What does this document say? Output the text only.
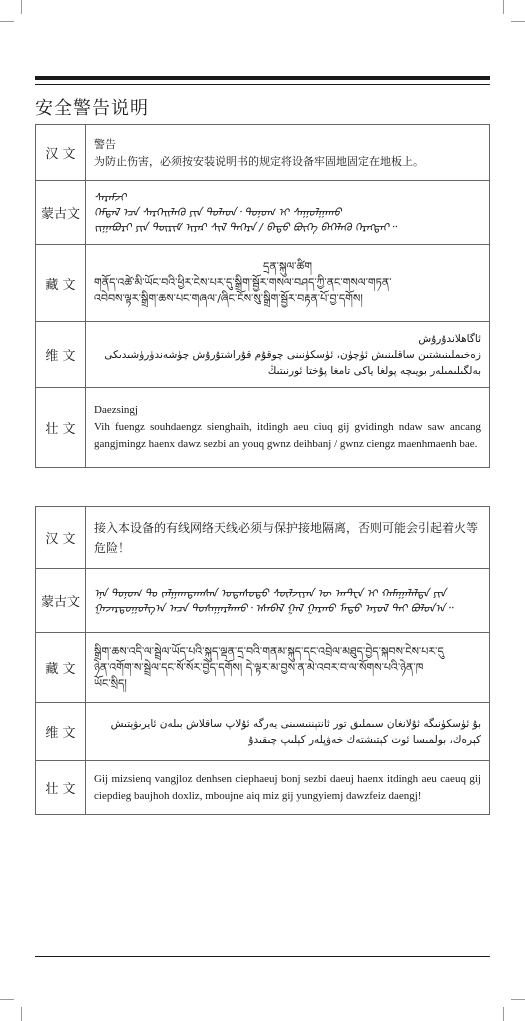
安全警告说明
汉 文	警告
为防止伤害，必须按安装说明书的规定将设备牢固地固定在地板上。

蒙古文	ᠰᠡᠷᠡᠮᠵᠢ
ᠭᠡᠮᠲᠡᠯ ᠡᠴᠡ ᠰᠡᠷᠭᠡᠢᠯᠡᠬᠦ ᠶᠢᠨ ᠲᠤᠯᠠᠳ᠂ ᠲᠣᠨᠤᠭ ᠢ ᠰᠠᠭᠤᠯᠭᠠᠬᠤ
ᠵᠢᠭᠠᠪᠤᠷᠢ ᠶᠢᠨ ᠳᠦᠷᠢᠮ ᠢᠶᠡᠷ ᠰᠢᠯ ᠲᠡᠭᠡᠷᠡ / ᠪᠠᠲᠤ ᠪᠥᠬᠡ ᠪᠡᠭᠡᠯᠡᠬᠦ ᠬᠡᠷᠡᠭᠲᠡᠢ᠃

藏 文	དྲན་སྐུལ་ཚིག
གནོད་འཚེ་མི་ཡོང་བའི་ཕྱིར་ངེས་པར་དུ་སྒྲིག་སྦྱོར་གསལ་བཤད་ཀྱི་ནང་གསལ་གཏན་
འབེབས་ལྟར་སྒྲིག་ཆས་པང་གཞལ་/ཞིང་ངོས་སུ་སྒྲིག་སྦྱོར་བརྟན་པོ་བྱ་དགོས།

维 文	ئاگاھلاندۇرۇش
زەخىملىنىشتىن ساقلىنىش ئۈچۈن، ئۈسكۈنىنى چوقۇم قۇراشتۇرۇش چۈشەندۈرۈشىدىكى
بەلگىلىمىلەر بويىچە پولغا ياكى تامغا پۇختا ئورنىتىڭ

壮 文	Daezsingj
Vih fuengz souhdaengz sienghaih, itdingh aeu ciuq gij gvidingh ndaw saw ancang gangjmingz haenx dawz sezbi an youq gwnz deihbanj / gwnz ciengz maenhmaenh bae.
汉 文	接入本设备的有线网络天线必须与保护接地隔离，否则可能会引起着火等危险！

蒙古文	ᠡᠨᠡ ᠲᠣᠨᠤᠭ ᠲᠤ ᠵᠠᠯᠭᠠᠭᠳᠠᠭᠰᠠᠨ ᠤᠲᠠᠰᠤᠲᠤ ᠰᠦᠯᠵᠢᠶᠡᠨ ᠦ ᠠᠨᠲ᠋ᠧᠨ ᠢ ᠬᠠᠮᠠᠭᠠᠯᠠᠯᠲᠠ ᠶᠢᠨ
ᠭᠠᠵᠠᠷᠳᠤᠭᠤᠯᠭ᠎ᠠ ᠠᠴᠠ ᠲᠤᠰᠠᠭᠠᠷᠯᠠᠬᠤ᠂ ᠡᠰᠡᠪᠡᠯ ᠭᠠᠯ ᠭᠠᠷᠬᠤ ᠮᠡᠳᠦ ᠠᠶᠤᠯ ᠲᠠᠢ ᠪᠣᠯᠤᠨ᠎ᠠ᠃

藏 文	སྒྲིག་ཆས་འདི་ལ་སྦྲེལ་ཡོད་པའི་སྐུད་ལྡན་དྲ་བའི་གནམ་སྐུད་དང་འབྲེལ་མཐུད་བྱེད་སྐབས་ངེས་པར་དུ
ཉེན་འགོག་ས་སྦྲེལ་དང་སོ་སོར་བྱེད་དགོས། དེ་ལྟར་མ་བྱས་ན་མེ་འབར་བ་ལ་སོགས་པའི་ཉེན་ཁ
ཡོང་སྲིད།

维 文	بۇ ئۈسكۈنىگە ئۇلانغان سىملىق تور ئانتېننىسىنى يەرگە ئۇلاپ ساقلاش بىلەن ئايرىۋېتىش
كېرەك، بولمىسا ئوت كېتىشتەك خەۋپلەر كېلىپ چىقىدۇ

壮 文	Gij mizsienq vangjloz denhsen ciephaeuj bonj sezbi daeuj haenx itdingh aeu caeuq gij ciepdieg baujhoh doxliz, mboujne aiq miz gij yungyiemj dawzfeiz daengj!
